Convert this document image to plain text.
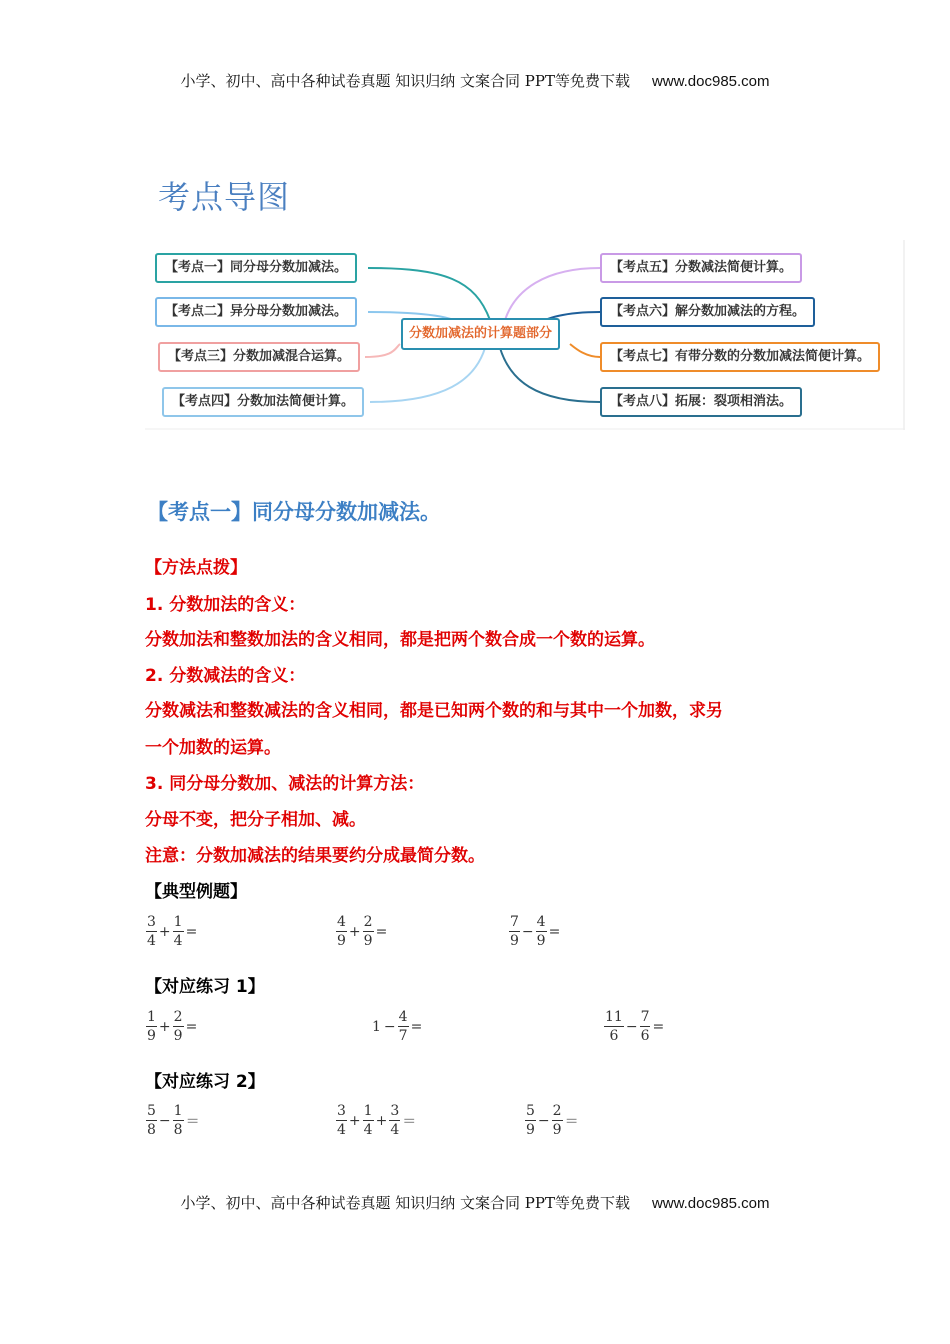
小学、初中、高中各种试卷真题 知识归纳 文案合同 PPT等免费下载 www.doc985.com
考点导图
【考点一】同分母分数加减法。
【考点二】异分母分数加减法。
【考点三】分数加减混合运算。
【考点四】分数加法简便计算。
分数加减法的计算题部分
【考点五】分数减法简便计算。
【考点六】解分数加减法的方程。
【考点七】有带分数的分数加减法简便计算。
【考点八】拓展：裂项相消法。
【考点一】同分母分数加减法。
【方法点拨】
1. 分数加法的含义：
分数加法和整数加法的含义相同，都是把两个数合成一个数的运算。
2. 分数减法的含义：
分数减法和整数减法的含义相同，都是已知两个数的和与其中一个加数，求另
一个加数的运算。
3. 同分母分数加、减法的计算方法：
分母不变，把分子相加、减。
注意：分数加减法的结果要约分成最简分数。
【典型例题】
$\frac{3}{4} + \frac{1}{4}$ =	$\frac{4}{9} + \frac{2}{9}$ =	$\frac{7}{9} - \frac{4}{9}$ =
【对应练习 1】
$\frac{1}{9} + \frac{2}{9}$ =	$1 - \frac{4}{7}$ =	$\frac{11}{6} - \frac{7}{6}$ =
【对应练习 2】
$\frac{5}{8} - \frac{1}{8}$ ＝	$\frac{3}{4} + \frac{1}{4} + \frac{3}{4}$ ＝	$\frac{5}{9} - \frac{2}{9}$ ＝
小学、初中、高中各种试卷真题 知识归纳 文案合同 PPT等免费下载 www.doc985.com
